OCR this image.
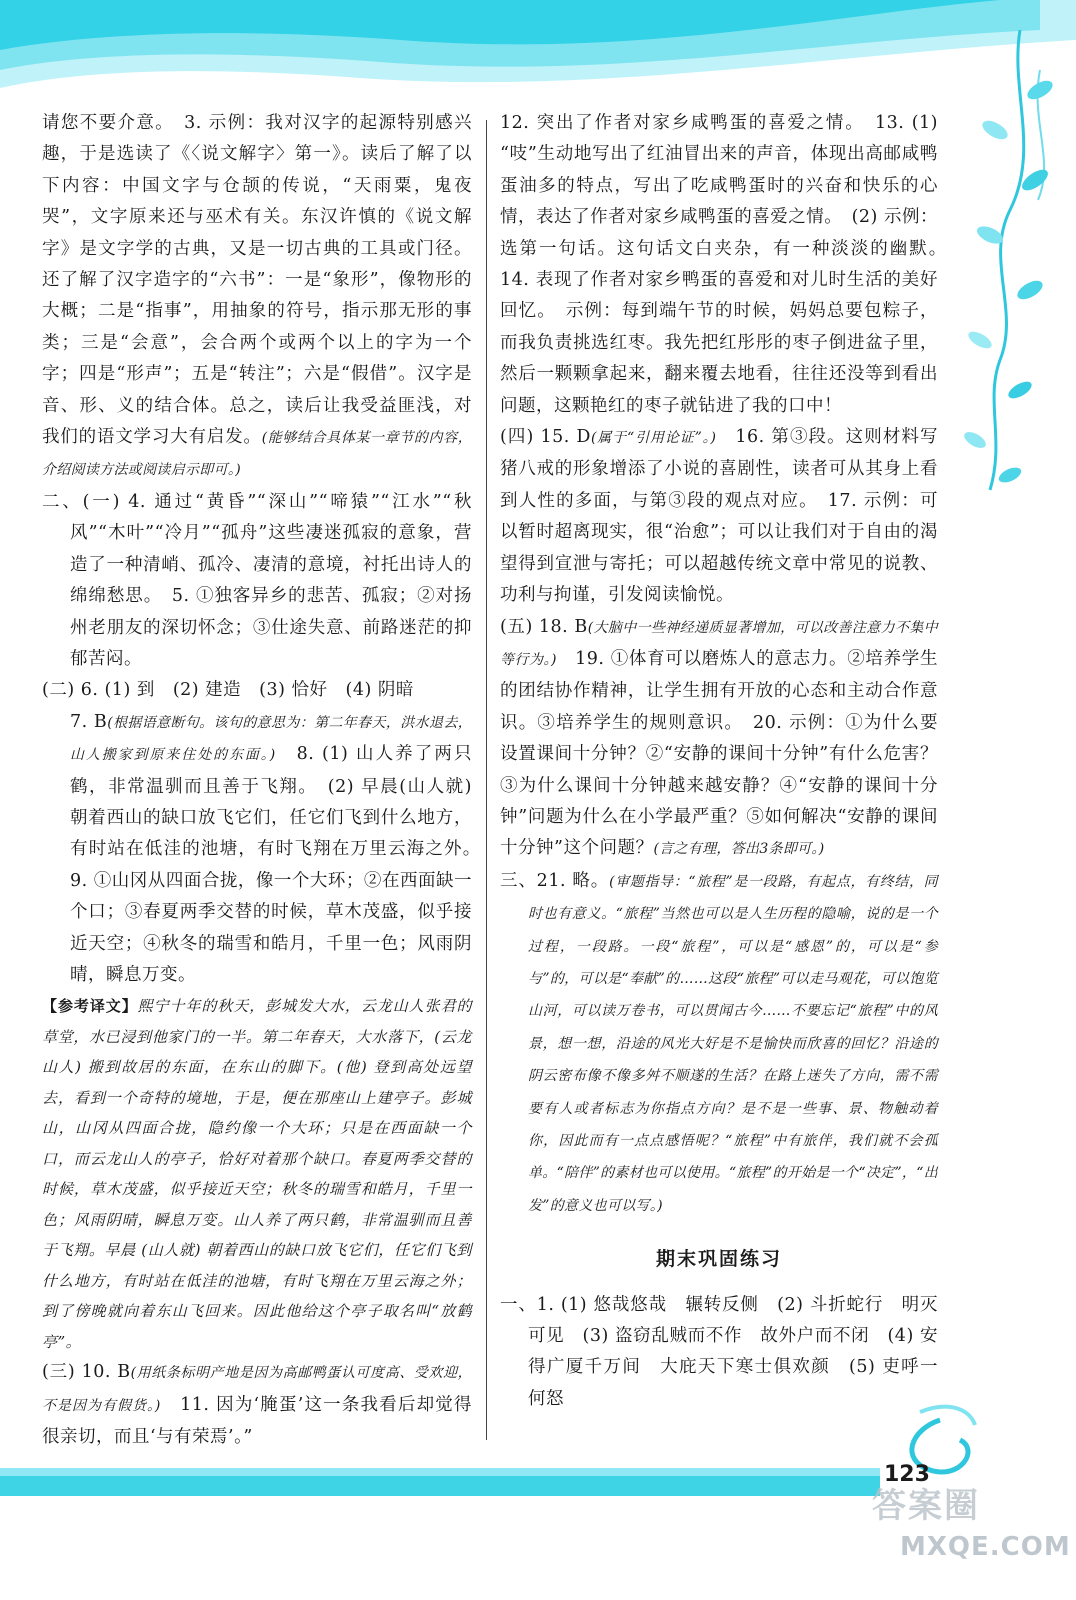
请您不要介意。　3. 示例：我对汉字的起源特别感兴趣，于是选读了《〈说文解字〉第一》。读后了解了以下内容：中国文字与仓颉的传说，“天雨粟，鬼夜哭”，文字原来还与巫术有关。东汉许慎的《说文解字》是文字学的古典，又是一切古典的工具或门径。还了解了汉字造字的“六书”：一是“象形”，像物形的大概；二是“指事”，用抽象的符号，指示那无形的事类；三是“会意”，会合两个或两个以上的字为一个字；四是“形声”；五是“转注”；六是“假借”。汉字是音、形、义的结合体。总之，读后让我受益匪浅，对我们的语文学习大有启发。(能够结合具体某一章节的内容，介绍阅读方法或阅读启示即可。)

二、(一) 4. 通过“黄昏”“深山”“啼猿”“江水”“秋风”“木叶”“冷月”“孤舟”这些凄迷孤寂的意象，营造了一种清峭、孤冷、凄清的意境，衬托出诗人的绵绵愁思。　5. ①独客异乡的悲苦、孤寂；②对扬州老朋友的深切怀念；③仕途失意、前路迷茫的抑郁苦闷。

(二) 6. (1) 到　(2) 建造　(3) 恰好　(4) 阴暗

7. B(根据语意断句。该句的意思为：第二年春天，洪水退去，山人搬家到原来住处的东面。)　8. (1) 山人养了两只鹤，非常温驯而且善于飞翔。　(2) 早晨(山人就) 朝着西山的缺口放飞它们，任它们飞到什么地方，有时站在低洼的池塘，有时飞翔在万里云海之外。　9. ①山冈从四面合拢，像一个大环；②在西面缺一个口；③春夏两季交替的时候，草木茂盛，似乎接近天空；④秋冬的瑞雪和皓月，千里一色；风雨阴晴，瞬息万变。

【参考译文】熙宁十年的秋天，彭城发大水，云龙山人张君的草堂，水已浸到他家门的一半。第二年春天，大水落下，(云龙山人) 搬到故居的东面，在东山的脚下。(他) 登到高处远望去，看到一个奇特的境地，于是，便在那座山上建亭子。彭城山，山冈从四面合拢，隐约像一个大环；只是在西面缺一个口，而云龙山人的亭子，恰好对着那个缺口。春夏两季交替的时候，草木茂盛，似乎接近天空；秋冬的瑞雪和皓月，千里一色；风雨阴晴，瞬息万变。山人养了两只鹤，非常温驯而且善于飞翔。早晨 (山人就) 朝着西山的缺口放飞它们，任它们飞到什么地方，有时站在低洼的池塘，有时飞翔在万里云海之外；到了傍晚就向着东山飞回来。因此他给这个亭子取名叫“放鹤亭”。

(三) 10. B(用纸条标明产地是因为高邮鸭蛋认可度高、受欢迎，不是因为有假货。)　11. 因为‘腌蛋’这一条我看后却觉得很亲切，而且‘与有荣焉’。”

12. 突出了作者对家乡咸鸭蛋的喜爱之情。　13. (1) “吱”生动地写出了红油冒出来的声音，体现出高邮咸鸭蛋油多的特点，写出了吃咸鸭蛋时的兴奋和快乐的心情，表达了作者对家乡咸鸭蛋的喜爱之情。　(2) 示例：选第一句话。这句话文白夹杂，有一种淡淡的幽默。　14. 表现了作者对家乡鸭蛋的喜爱和对儿时生活的美好回忆。　示例：每到端午节的时候，妈妈总要包粽子，而我负责挑选红枣。我先把红彤彤的枣子倒进盆子里，然后一颗颗拿起来，翻来覆去地看，往往还没等到看出问题，这颗艳红的枣子就钻进了我的口中！

(四) 15. D(属于“引用论证”。)　16. 第③段。这则材料写猪八戒的形象增添了小说的喜剧性，读者可从其身上看到人性的多面，与第③段的观点对应。　17. 示例：可以暂时超离现实，很“治愈”；可以让我们对于自由的渴望得到宣泄与寄托；可以超越传统文章中常见的说教、功利与拘谨，引发阅读愉悦。

(五) 18. B(大脑中一些神经递质显著增加，可以改善注意力不集中等行为。)　19. ①体育可以磨炼人的意志力。②培养学生的团结协作精神，让学生拥有开放的心态和主动合作意识。③培养学生的规则意识。　20. 示例：①为什么要设置课间十分钟？②“安静的课间十分钟”有什么危害？③为什么课间十分钟越来越安静？④“安静的课间十分钟”问题为什么在小学最严重？⑤如何解决“安静的课间十分钟”这个问题？(言之有理，答出3条即可。)

三、21. 略。(审题指导：“旅程”是一段路，有起点，有终结，同时也有意义。“旅程”当然也可以是人生历程的隐喻，说的是一个过程，一段路。一段“旅程”，可以是“感恩”的，可以是“参与”的，可以是“奉献”的……这段“旅程”可以走马观花，可以饱览山河，可以读万卷书，可以贯闻古今……不要忘记“旅程”中的风景，想一想，沿途的风光大好是不是愉快而欣喜的回忆？沿途的阴云密布像不像多舛不顺遂的生活？在路上迷失了方向，需不需要有人或者标志为你指点方向？是不是一些事、景、物触动着你，因此而有一点点感悟呢？“旅程”中有旅伴，我们就不会孤单。“陪伴”的素材也可以使用。“旅程”的开始是一个“决定”，“出发”的意义也可以写。)

期末巩固练习

一、1. (1) 悠哉悠哉　辗转反侧　(2) 斗折蛇行　明灭可见　(3) 盗窃乱贼而不作　故外户而不闭　(4) 安得广厦千万间　大庇天下寒士俱欢颜　(5) 吏呼一何怒

123
答案圈
MXQE.COM
